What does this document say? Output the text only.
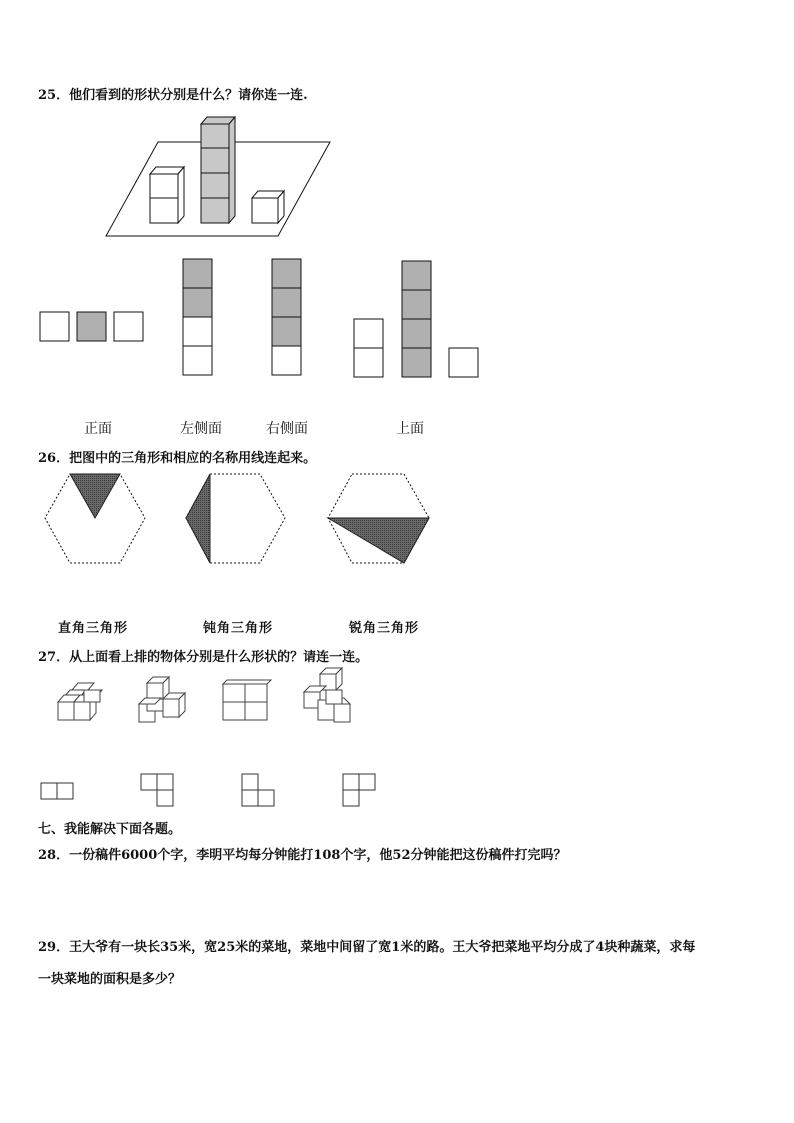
25．他们看到的形状分别是什么？请你连一连.
正面	左侧面	右侧面	上面
26．把图中的三角形和相应的名称用线连起来。
直角三角形	钝角三角形	锐角三角形
27．从上面看上排的物体分别是什么形状的？请连一连。
七、我能解决下面各题。
28．一份稿件6000个字，李明平均每分钟能打108个字，他52分钟能把这份稿件打完吗？
29．王大爷有一块长35米，宽25米的菜地，菜地中间留了宽1米的路。王大爷把菜地平均分成了4块种蔬菜，求每
一块菜地的面积是多少？
